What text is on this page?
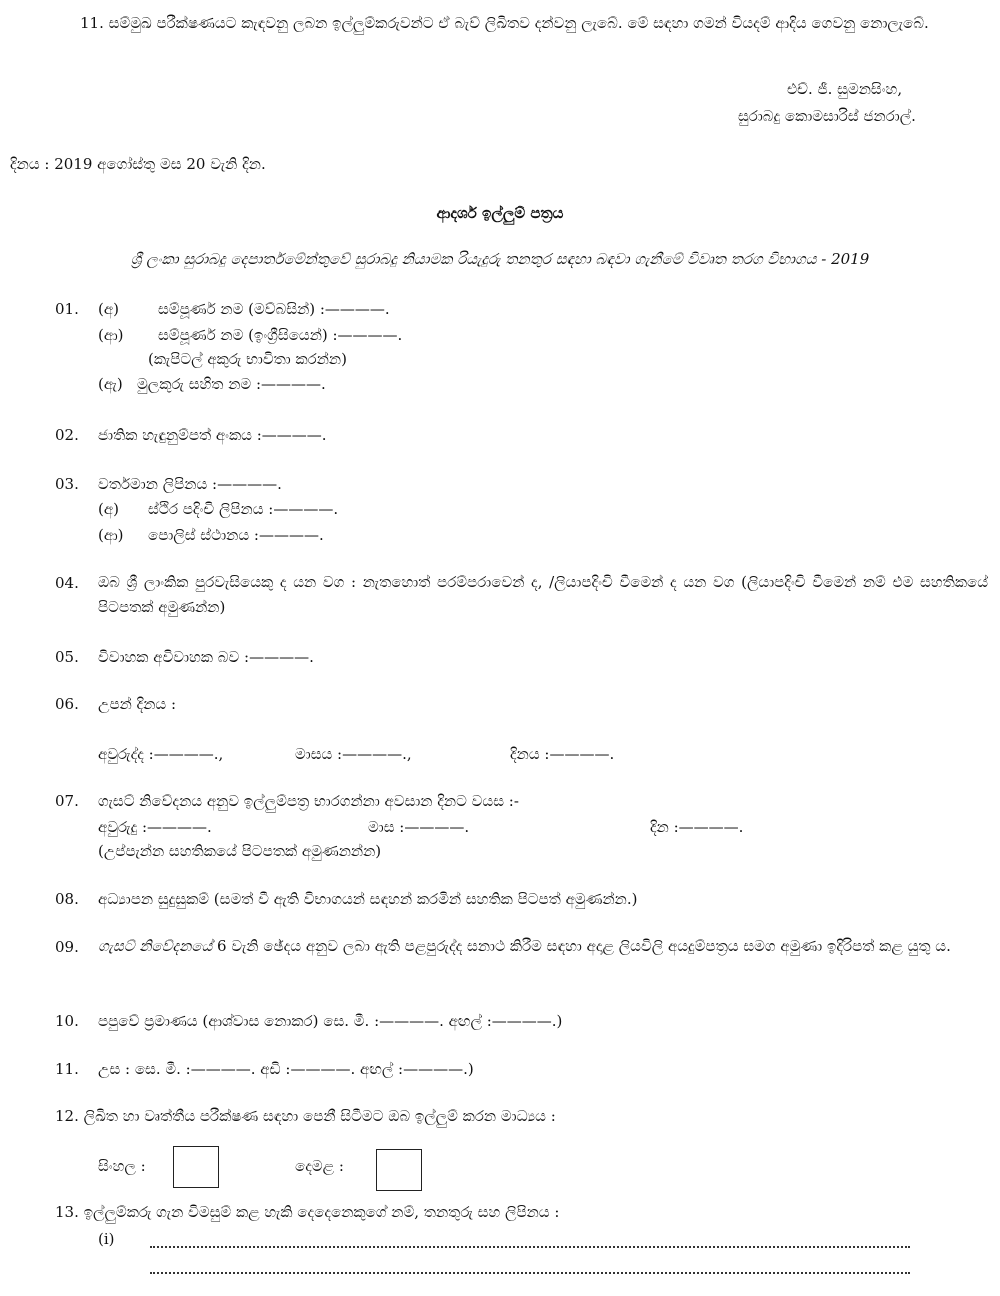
11. සම්මුඛ පරීක්ෂණයට කැඳවනු ලබන ඉල්ලුම්කරුවන්ට ඒ බැව් ලිඛිතව දන්වනු ලැබේ. මේ සඳහා ගමන් වියදම් ආදිය ගෙවනු නොලැබේ.
එච්. ජී. සුමනසිංහ,
සුරාබදු කොමසාරිස් ජනරාල්.
දිනය : 2019 අගෝස්තු මස 20 වැනි දින.
ආදර්ශ ඉල්ලුම් පත්‍රය
ශ්‍රී ලංකා සුරාබදු දෙපාර්තමේන්තුවේ සුරාබදු නියාමක රියැදුරු තනතුර සඳහා බඳවා ගැනීමේ විවෘත තරග විභාගය - 2019
01. (අ)	සම්පූර්ණ නම (මව්බසින්) :————.
(ආ) සම්පූර්ණ නම (ඉංග්‍රීසියෙන්) :————.
(කැපිටල් අකුරු භාවිතා කරන්න)
(ඇ) මුලකුරු සහිත නම :————.
02. ජාතික හැඳුනුම්පත් අංකය :————.
03. වර්තමාන ලිපිනය :————.
(අ) ස්ථිර පදිංචි ලිපිනය :————.
(ආ) පොලිස් ස්ථානය :————.
04. ඔබ ශ්‍රී ලාංකික පුරවැසියෙකු ද යන වග : නැතහොත් පරම්පරාවෙන් ද, /ලියාපදිංචි වීමෙන් ද යන වග (ලියාපදිංචි වීමෙන් නම් එම සහතිකයේ පිටපතක් අමුණන්න)
05. විවාහක අවිවාහක බව :————.
06. උපන් දිනය :
අවුරුද්ද :————.,	මාසය :————.,	දිනය :————.
07. ගැසට් නිවේදනය අනුව ඉල්ලුම්පත්‍ර භාරගන්නා අවසාන දිනට වයස :-
අවුරුදු :————.	මාස :————.	දින :————.
(උප්පැන්න සහතිකයේ පිටපතක් අමුණනන්න)
08. අධ්‍යාපන සුදුසුකම් (සමත් වී ඇති විභාගයන් සඳහන් කරමින් සහතික පිටපත් අමුණන්න.)
09. ගැසට් නිවේදනයේ 6 වැනි ඡේදය අනුව ලබා ඇති පළපුරුද්ද සනාථ කිරීම සඳහා අදාළ ලියවිලි අයදුම්පත්‍රය සමග අමුණා ඉදිරිපත් කළ යුතු ය.
10. පපුවේ ප්‍රමාණය (ආශ්වාස නොකර) සෙ. මී. :————. අඟල් :————.)
11. උස : සෙ. මී. :————. අඩි :————. අඟල් :————.)
12. ලිඛිත හා වෘත්තීය පරීක්ෂණ සඳහා පෙනී සිටීමට ඔබ ඉල්ලුම් කරන මාධ්‍යය :
සිංහල :	දෙමළ :
13. ඉල්ලුම්කරු ගැන විමසුම් කළ හැකි දෙදෙනෙකුගේ නම්, තනතුරු සහ ලිපිනය :
(i)
